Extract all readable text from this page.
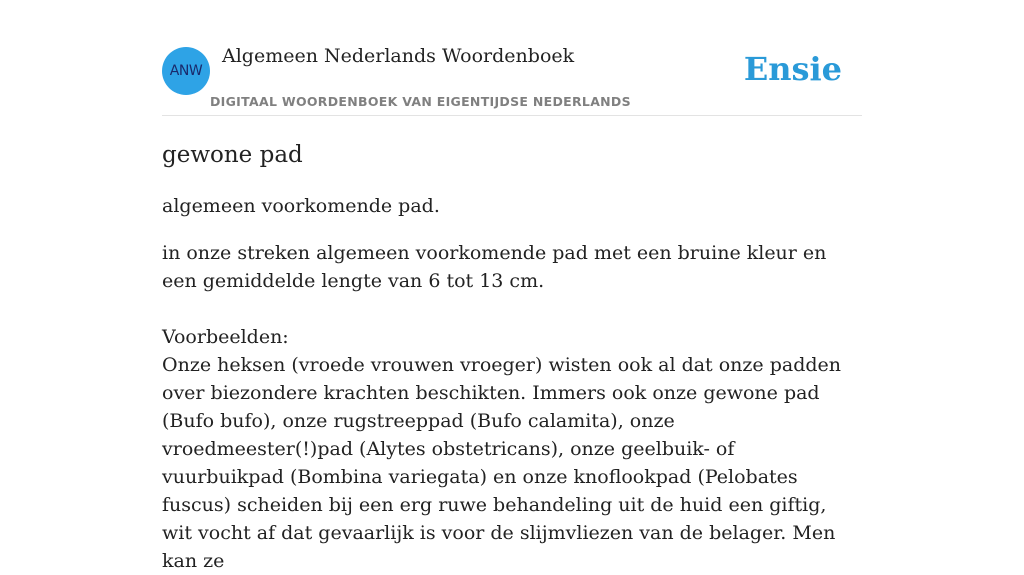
ANW
Algemeen Nederlands Woordenboek
DIGITAAL WOORDENBOEK VAN EIGENTIJDSE NEDERLANDS
Ensie
gewone pad

algemeen voorkomende pad.

in onze streken algemeen voorkomende pad met een bruine kleur en een gemiddelde lengte van 6 tot 13 cm.

Voorbeelden:

Onze heksen (vroede vrouwen vroeger) wisten ook al dat onze padden over biezondere krachten beschikten. Immers ook onze gewone pad (Bufo bufo), onze rugstreeppad (Bufo calamita), onze vroedmeester(!)pad (Alytes obstetricans), onze geelbuik- of vuurbuikpad (Bombina variegata) en onze knoflookpad (Pelobates fuscus) scheiden bij een erg ruwe behandeling uit de huid een giftig, wit vocht af dat gevaarlijk is voor de slijmvliezen van de belager. Men kan ze
